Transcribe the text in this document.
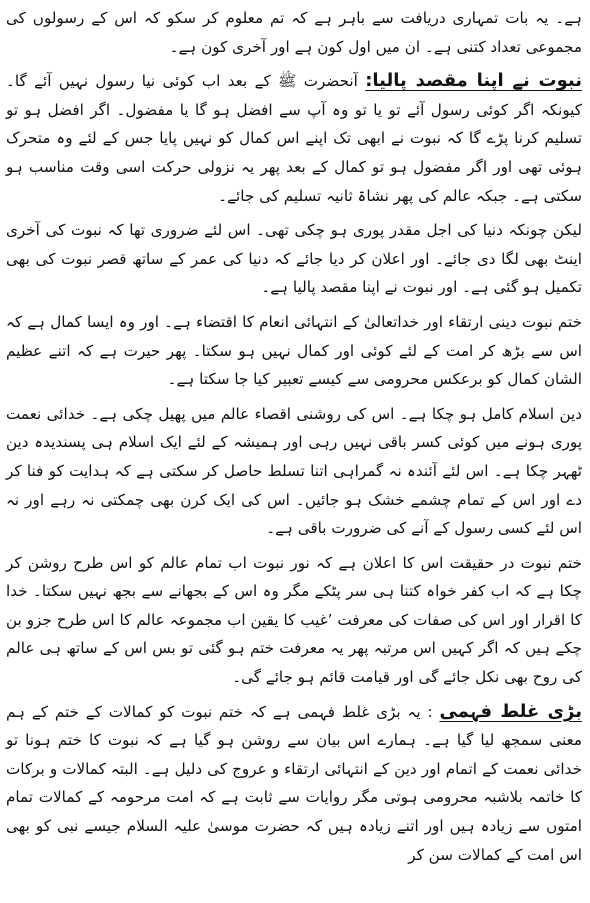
ہے۔ یہ بات تمہاری دریافت سے باہر ہے کہ تم معلوم کر سکو کہ اس کے رسولوں کی مجموعی تعداد کتنی ہے۔ ان میں اول کون ہے اور آخری کون ہے۔

نبوت نے اپنا مقصد پالیا: آنحضرت ﷺ کے بعد اب کوئی نیا رسول نہیں آئے گا۔ کیونکہ اگر کوئی رسول آئے تو یا تو وہ آپ سے افضل ہو گا یا مفضول۔ اگر افضل ہو تو تسلیم کرنا پڑے گا کہ نبوت نے ابھی تک اپنے اس کمال کو نہیں پایا جس کے لئے وہ متحرک ہوئی تھی اور اگر مفضول ہو تو کمال کے بعد پھر یہ نزولی حرکت اسی وقت مناسب ہو سکتی ہے۔ جبکہ عالم کی پھر نشاۃ ثانیہ تسلیم کی جائے۔

لیکن چونکہ دنیا کی اجل مقدر پوری ہو چکی تھی۔ اس لئے ضروری تھا کہ نبوت کی آخری اینٹ بھی لگا دی جائے۔ اور اعلان کر دیا جائے کہ دنیا کی عمر کے ساتھ قصر نبوت کی بھی تکمیل ہو گئی ہے۔ اور نبوت نے اپنا مقصد پالیا ہے۔

ختم نبوت دینی ارتقاء اور خداتعالیٰ کے انتہائی انعام کا اقتضاء ہے۔ اور وہ ایسا کمال ہے کہ اس سے بڑھ کر امت کے لئے کوئی اور کمال نہیں ہو سکتا۔ پھر حیرت ہے کہ اتنے عظیم الشان کمال کو برعکس محرومی سے کیسے تعبیر کیا جا سکتا ہے۔

دین اسلام کامل ہو چکا ہے۔ اس کی روشنی اقصاء عالم میں پھیل چکی ہے۔ خدائی نعمت پوری ہونے میں کوئی کسر باقی نہیں رہی اور ہمیشہ کے لئے ایک اسلام ہی پسندیدہ دین ٹھہر چکا ہے۔ اس لئے آئندہ نہ گمراہی اتنا تسلط حاصل کر سکتی ہے کہ ہدایت کو فنا کر دے اور اس کے تمام چشمے خشک ہو جائیں۔ اس کی ایک کرن بھی چمکتی نہ رہے اور نہ اس لئے کسی رسول کے آنے کی ضرورت باقی ہے۔

ختم نبوت در حقیقت اس کا اعلان ہے کہ نور نبوت اب تمام عالم کو اس طرح روشن کر چکا ہے کہ اب کفر خواہ کتنا ہی سر پٹکے مگر وہ اس کے بجھانے سے بجھ نہیں سکتا۔ خدا کا اقرار اور اس کی صفات کی معرفت ’غیب کا یقین اب مجموعہ عالم کا اس طرح جزو بن چکے ہیں کہ اگر کہیں اس مرتبہ پھر یہ معرفت ختم ہو گئی تو بس اس کے ساتھ ہی عالم کی روح بھی نکل جائے گی اور قیامت قائم ہو جائے گی۔

بڑی غلط فہمی : یہ بڑی غلط فہمی ہے کہ ختم نبوت کو کمالات کے ختم کے ہم معنی سمجھ لیا گیا ہے۔ ہمارے اس بیان سے روشن ہو گیا ہے کہ نبوت کا ختم ہونا تو خدائی نعمت کے اتمام اور دین کے انتہائی ارتقاء و عروج کی دلیل ہے۔ البتہ کمالات و برکات کا خاتمہ بلاشبہ محرومی ہوتی مگر روایات سے ثابت ہے کہ امت مرحومہ کے کمالات تمام امتوں سے زیادہ ہیں اور اتنے زیادہ ہیں کہ حضرت موسیٰ علیہ السلام جیسے نبی کو بھی اس امت کے کمالات سن کر
